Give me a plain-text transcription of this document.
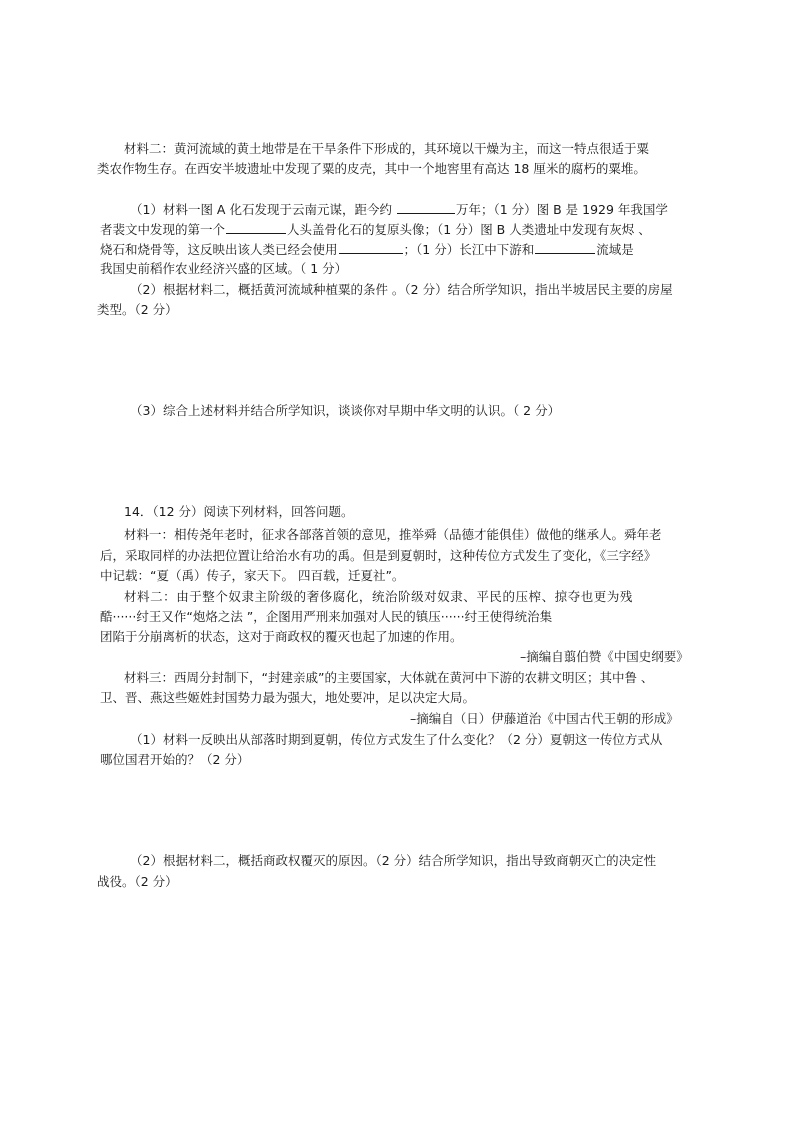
材料二：黄河流域的黄土地带是在干旱条件下形成的，其环境以干燥为主，而这一特点很适于粟
类农作物生存。在西安半坡遗址中发现了粟的皮壳，其中一个地窖里有高达 18 厘米的腐朽的粟堆。
（1）材料一图 A 化石发现于云南元谋，距今约	万年；（1 分）图 B 是 1929 年我国学
者裴文中发现的第一个	人头盖骨化石的复原头像；（1 分）图 B 人类遗址中发现有灰烬 、
烧石和烧骨等，这反映出该人类已经会使用	；（1 分）长江中下游和	流域是
我国史前稻作农业经济兴盛的区域。（ 1 分）
（2）根据材料二，概括黄河流域种植粟的条件 。（2 分）结合所学知识，指出半坡居民主要的房屋
类型。（2 分）
（3）综合上述材料并结合所学知识，谈谈你对早期中华文明的认识。（ 2 分）
14．（12 分）阅读下列材料，回答问题。
材料一：相传尧年老时，征求各部落首领的意见，推举舜（品德才能俱佳）做他的继承人。舜年老
后，采取同样的办法把位置让给治水有功的禹。但是到夏朝时，这种传位方式发生了变化，《三字经》
中记载：“夏（禹）传子，家天下。 四百载，迁夏社”。
材料二：由于整个奴隶主阶级的奢侈腐化，统治阶级对奴隶、平民的压榨、掠夺也更为残
酷······纣王又作“炮烙之法 ”，企图用严刑来加强对人民的镇压······纣王使得统治集
团陷于分崩离析的状态，这对于商政权的覆灭也起了加速的作用。
–摘编自翦伯赞《中国史纲要》
材料三：西周分封制下，“封建亲戚”的主要国家，大体就在黄河中下游的农耕文明区；其中鲁 、
卫、晋、燕这些姬姓封国势力最为强大，地处要冲，足以决定大局。
–摘编自（日）伊藤道治《中国古代王朝的形成》
（1）材料一反映出从部落时期到夏朝，传位方式发生了什么变化？（2 分）夏朝这一传位方式从
哪位国君开始的？（2 分）
（2）根据材料二，概括商政权覆灭的原因。（2 分）结合所学知识，指出导致商朝灭亡的决定性
战役。（2 分）
